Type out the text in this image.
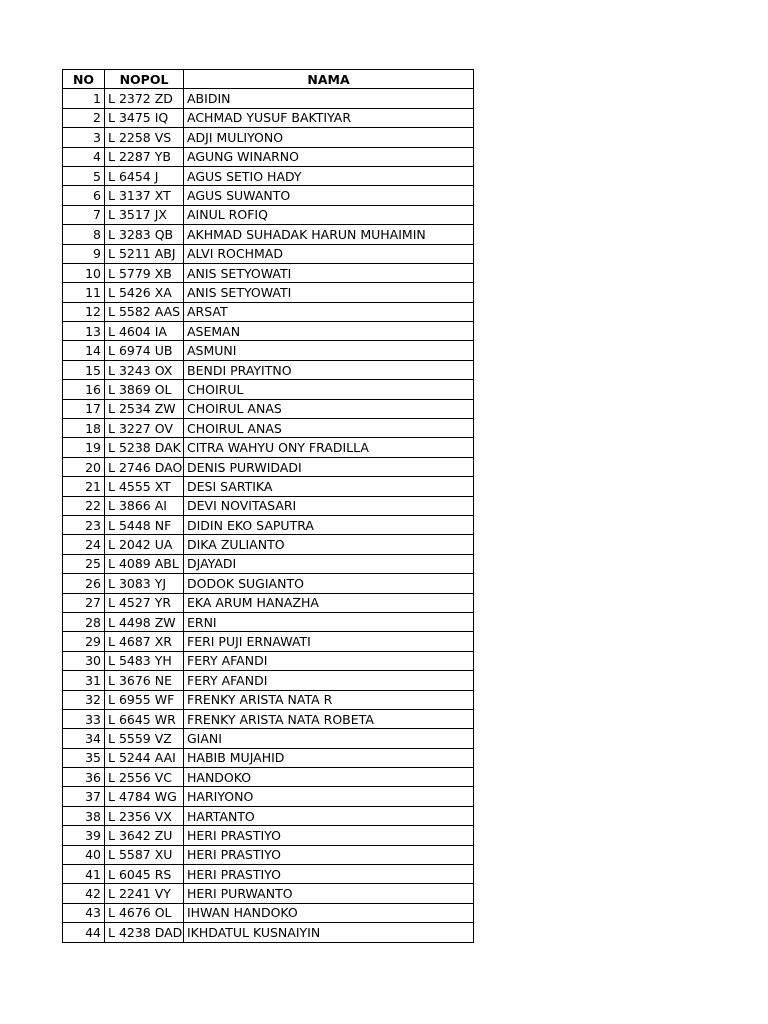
NO	NOPOL	NAMA
1	L 2372 ZD	ABIDIN
2	L 3475 IQ	ACHMAD YUSUF BAKTIYAR
3	L 2258 VS	ADJI MULIYONO
4	L 2287 YB	AGUNG WINARNO
5	L 6454 J	AGUS SETIO HADY
6	L 3137 XT	AGUS SUWANTO
7	L 3517 JX	AINUL ROFIQ
8	L 3283 QB	AKHMAD SUHADAK HARUN MUHAIMIN
9	L 5211 ABJ	ALVI ROCHMAD
10	L 5779 XB	ANIS SETYOWATI
11	L 5426 XA	ANIS SETYOWATI
12	L 5582 AAS	ARSAT
13	L 4604 IA	ASEMAN
14	L 6974 UB	ASMUNI
15	L 3243 OX	BENDI PRAYITNO
16	L 3869 OL	CHOIRUL
17	L 2534 ZW	CHOIRUL ANAS
18	L 3227 OV	CHOIRUL ANAS
19	L 5238 DAK	CITRA WAHYU ONY FRADILLA
20	L 2746 DAO	DENIS PURWIDADI
21	L 4555 XT	DESI SARTIKA
22	L 3866 AI	DEVI NOVITASARI
23	L 5448 NF	DIDIN EKO SAPUTRA
24	L 2042 UA	DIKA ZULIANTO
25	L 4089 ABL	DJAYADI
26	L 3083 YJ	DODOK SUGIANTO
27	L 4527 YR	EKA ARUM HANAZHA
28	L 4498 ZW	ERNI
29	L 4687 XR	FERI PUJI ERNAWATI
30	L 5483 YH	FERY AFANDI
31	L 3676 NE	FERY AFANDI
32	L 6955 WF	FRENKY ARISTA NATA R
33	L 6645 WR	FRENKY ARISTA NATA ROBETA
34	L 5559 VZ	GIANI
35	L 5244 AAI	HABIB MUJAHID
36	L 2556 VC	HANDOKO
37	L 4784 WG	HARIYONO
38	L 2356 VX	HARTANTO
39	L 3642 ZU	HERI PRASTIYO
40	L 5587 XU	HERI PRASTIYO
41	L 6045 RS	HERI PRASTIYO
42	L 2241 VY	HERI PURWANTO
43	L 4676 OL	IHWAN HANDOKO
44	L 4238 DAD	IKHDATUL KUSNAIYIN
